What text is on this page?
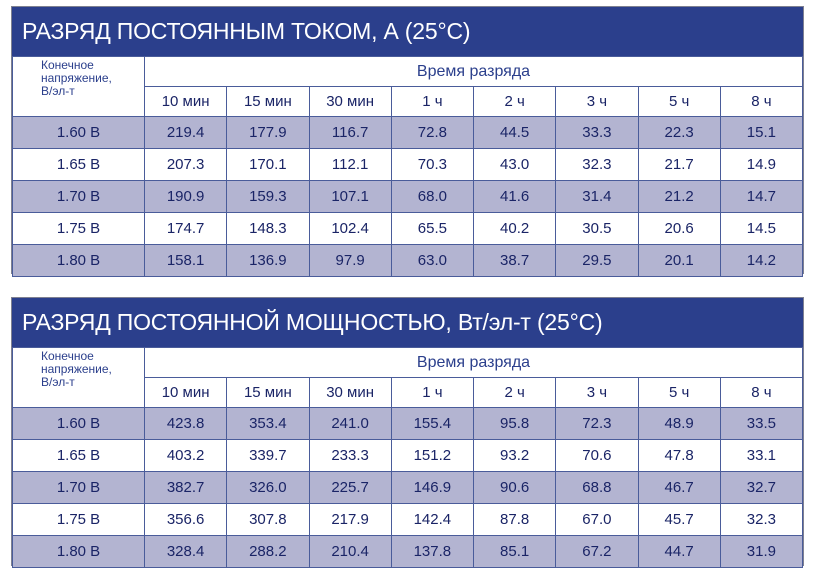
РАЗРЯД ПОСТОЯННЫМ ТОКОМ, А (25°С)
Конечное
напряжение,
В/эл-т	Время разряда							
	10 мин	15 мин	30 мин	1 ч	2 ч	3 ч	5 ч	8 ч
1.60 В	219.4	177.9	116.7	72.8	44.5	33.3	22.3	15.1
1.65 В	207.3	170.1	112.1	70.3	43.0	32.3	21.7	14.9
1.70 В	190.9	159.3	107.1	68.0	41.6	31.4	21.2	14.7
1.75 В	174.7	148.3	102.4	65.5	40.2	30.5	20.6	14.5
1.80 В	158.1	136.9	97.9	63.0	38.7	29.5	20.1	14.2
РАЗРЯД ПОСТОЯННОЙ МОЩНОСТЬЮ, Вт/эл-т (25°С)
Конечное
напряжение,
В/эл-т	Время разряда							
	10 мин	15 мин	30 мин	1 ч	2 ч	3 ч	5 ч	8 ч
1.60 В	423.8	353.4	241.0	155.4	95.8	72.3	48.9	33.5
1.65 В	403.2	339.7	233.3	151.2	93.2	70.6	47.8	33.1
1.70 В	382.7	326.0	225.7	146.9	90.6	68.8	46.7	32.7
1.75 В	356.6	307.8	217.9	142.4	87.8	67.0	45.7	32.3
1.80 В	328.4	288.2	210.4	137.8	85.1	67.2	44.7	31.9
